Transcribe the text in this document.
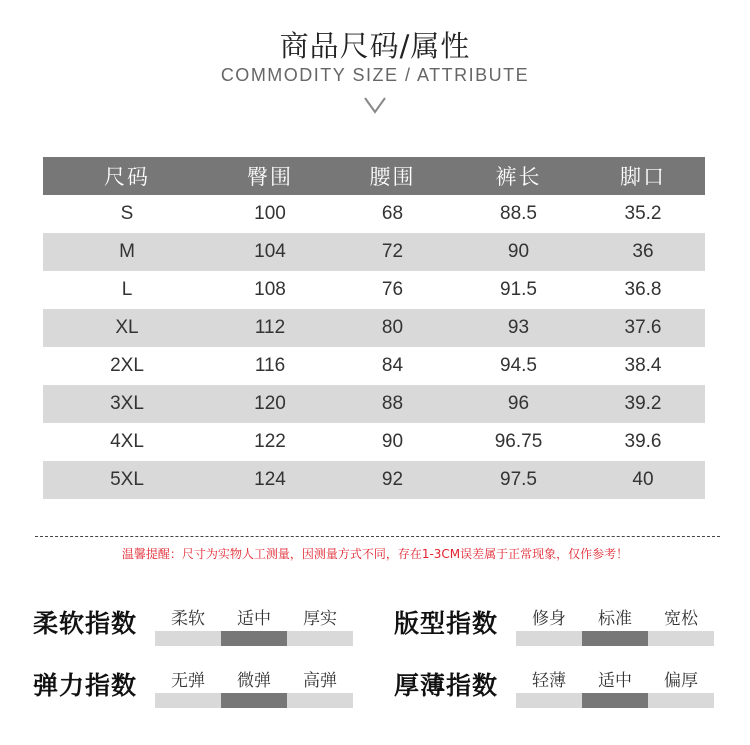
商品尺码/属性
COMMODITY SIZE / ATTRIBUTE
尺码	臀围	腰围	裤长	脚口
S	100	68	88.5	35.2
M	104	72	90	36
L	108	76	91.5	36.8
XL	112	80	93	37.6
2XL	116	84	94.5	38.4
3XL	120	88	96	39.2
4XL	122	90	96.75	39.6
5XL	124	92	97.5	40
温馨提醒：尺寸为实物人工测量，因测量方式不同，存在1-3CM误差属于正常现象，仅作参考！
柔软指数	柔软	适中	厚实	版型指数	修身	标准	宽松
弹力指数	无弹	微弹	高弹	厚薄指数	轻薄	适中	偏厚
